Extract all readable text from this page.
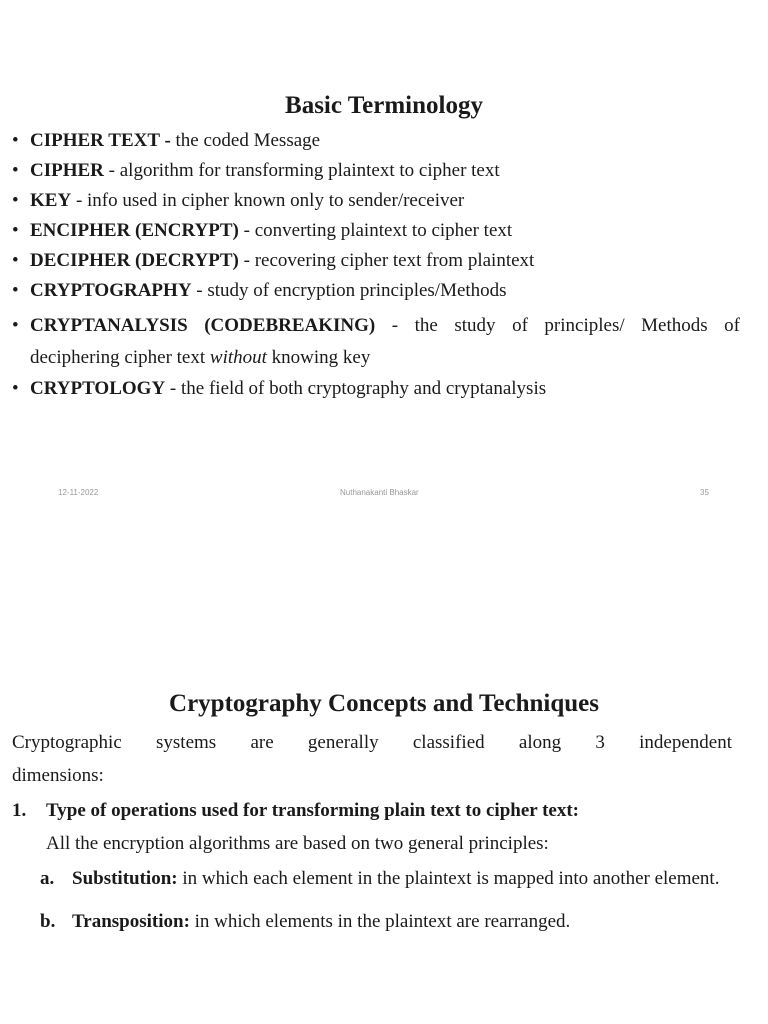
Basic Terminology
• CIPHER TEXT - the coded Message
• CIPHER - algorithm for transforming plaintext to cipher text
• KEY - info used in cipher known only to sender/receiver
• ENCIPHER (ENCRYPT) - converting plaintext to cipher text
• DECIPHER (DECRYPT) - recovering cipher text from plaintext
• CRYPTOGRAPHY - study of encryption principles/Methods
• CRYPTANALYSIS (CODEBREAKING) - the study of principles/ Methods of deciphering cipher text without knowing key
• CRYPTOLOGY - the field of both cryptography and cryptanalysis
12-11-2022	Nuthanakanti Bhaskar	35
Cryptography Concepts and Techniques

Cryptographic systems are generally classified along 3 independent
dimensions:

1. Type of operations used for transforming plain text to cipher text:
All the encryption algorithms are based on two general principles:
a. Substitution: in which each element in the plaintext is mapped into another element.
b. Transposition: in which elements in the plaintext are rearranged.
